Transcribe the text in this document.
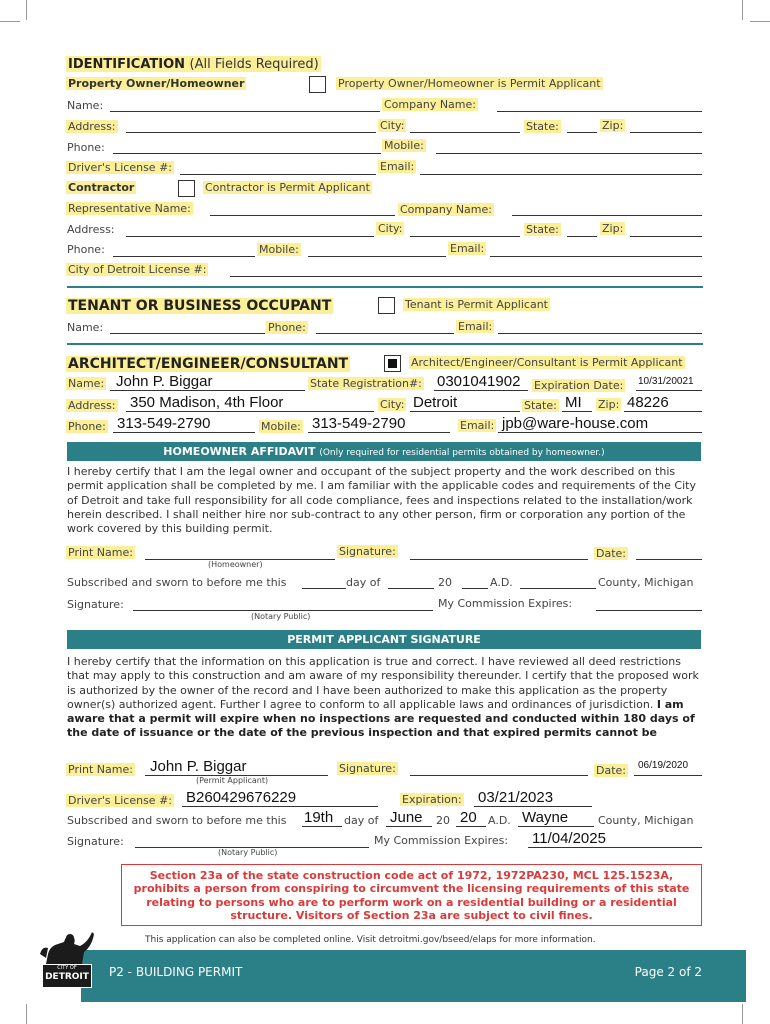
IDENTIFICATION (All Fields Required)
Property Owner/Homeowner	Property Owner/Homeowner is Permit Applicant
Name:	Company Name:
Address:	City:	State:	Zip:
Phone:	Mobile:
Driver's License #:	Email:
Contractor	Contractor is Permit Applicant
Representative Name:	Company Name:
Address:	City:	State:	Zip:
Phone:	Mobile:	Email:
City of Detroit License #:
TENANT OR BUSINESS OCCUPANT	Tenant is Permit Applicant
Name:	Phone:	Email:
ARCHITECT/ENGINEER/CONSULTANT	Architect/Engineer/Consultant is Permit Applicant
Name: John P. Biggar	State Registration#: 0301041902 Expiration Date: 10/31/20021
Address: 350 Madison, 4th Floor	City: Detroit	State: MI Zip: 48226
Phone: 313-549-2790	Mobile: 313-549-2790	Email: jpb@ware-house.com
HOMEOWNER AFFIDAVIT (Only required for residential permits obtained by homeowner.)
I hereby certify that I am the legal owner and occupant of the subject property and the work described on this permit application shall be completed by me. I am familiar with the applicable codes and requirements of the City of Detroit and take full responsibility for all code compliance, fees and inspections related to the installation/work herein described. I shall neither hire nor sub-contract to any other person, firm or corporation any portion of the work covered by this building permit.
Print Name:
(Homeowner)
Signature:	Date:
Subscribed and sworn to before me this	day of	20	A.D.	County, Michigan
Signature:
(Notary Public)
My Commission Expires:
PERMIT APPLICANT SIGNATURE
I hereby certify that the information on this application is true and correct. I have reviewed all deed restrictions that may apply to this construction and am aware of my responsibility thereunder. I certify that the proposed work is authorized by the owner of the record and I have been authorized to make this application as the property owner(s) authorized agent. Further I agree to conform to all applicable laws and ordinances of jurisdiction. I am aware that a permit will expire when no inspections are requested and conducted within 180 days of the date of issuance or the date of the previous inspection and that expired permits cannot be
Print Name: John P. Biggar
(Permit Applicant)
Signature:	Date: 06/19/2020
Driver's License #: B260429676229	Expiration: 03/21/2023
Subscribed and sworn to before me this 19th day of June 20 20 A.D. Wayne	County, Michigan
Signature:
(Notary Public)
My Commission Expires: 11/04/2025
Section 23a of the state construction code act of 1972, 1972PA230, MCL 125.1523A, prohibits a person from conspiring to circumvent the licensing requirements of this state relating to persons who are to perform work on a residential building or a residential structure. Visitors of Section 23a are subject to civil fines.
This application can also be completed online. Visit detroitmi.gov/bseed/elaps for more information.
P2 - BUILDING PERMIT	Page 2 of 2
CITY OF
DETROIT
